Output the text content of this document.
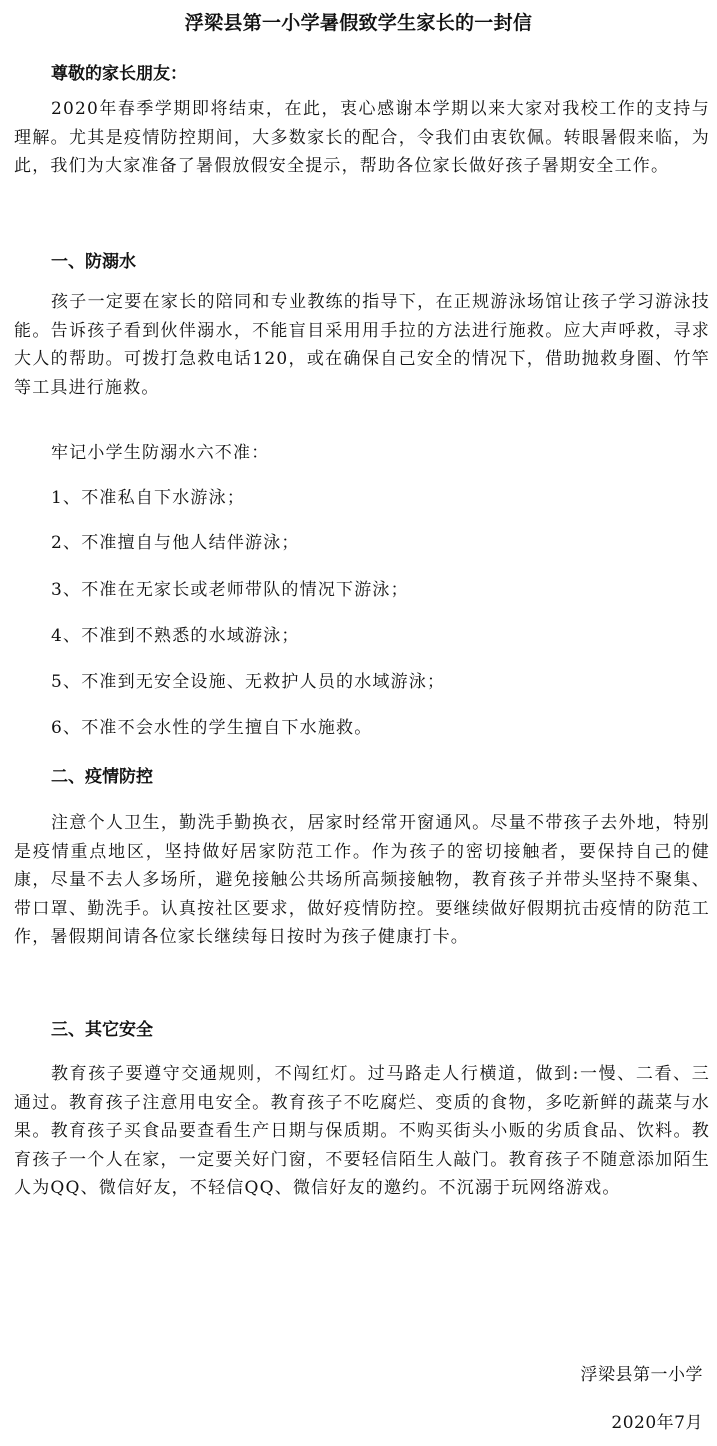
浮梁县第一小学暑假致学生家长的一封信
尊敬的家长朋友：
2020年春季学期即将结束，在此，衷心感谢本学期以来大家对我校工作的支持与理解。尤其是疫情防控期间，大多数家长的配合，令我们由衷钦佩。转眼暑假来临，为此，我们为大家准备了暑假放假安全提示，帮助各位家长做好孩子暑期安全工作。
一、防溺水
孩子一定要在家长的陪同和专业教练的指导下，在正规游泳场馆让孩子学习游泳技能。告诉孩子看到伙伴溺水，不能盲目采用用手拉的方法进行施救。应大声呼救，寻求大人的帮助。可拨打急救电话120，或在确保自己安全的情况下，借助抛救身圈、竹竿等工具进行施救。
牢记小学生防溺水六不准：
1、不准私自下水游泳；
2、不准擅自与他人结伴游泳；
3、不准在无家长或老师带队的情况下游泳；
4、不准到不熟悉的水域游泳；
5、不准到无安全设施、无救护人员的水域游泳；
6、不准不会水性的学生擅自下水施救。
二、疫情防控
注意个人卫生，勤洗手勤换衣，居家时经常开窗通风。尽量不带孩子去外地，特别是疫情重点地区，坚持做好居家防范工作。作为孩子的密切接触者，要保持自己的健康，尽量不去人多场所，避免接触公共场所高频接触物，教育孩子并带头坚持不聚集、带口罩、勤洗手。认真按社区要求，做好疫情防控。要继续做好假期抗击疫情的防范工作，暑假期间请各位家长继续每日按时为孩子健康打卡。
三、其它安全
教育孩子要遵守交通规则，不闯红灯。过马路走人行横道，做到:一慢、二看、三通过。教育孩子注意用电安全。教育孩子不吃腐烂、变质的食物，多吃新鲜的蔬菜与水果。教育孩子买食品要查看生产日期与保质期。不购买街头小贩的劣质食品、饮料。教育孩子一个人在家，一定要关好门窗，不要轻信陌生人敲门。教育孩子不随意添加陌生人为QQ、微信好友，不轻信QQ、微信好友的邀约。不沉溺于玩网络游戏。
浮梁县第一小学
2020年7月
